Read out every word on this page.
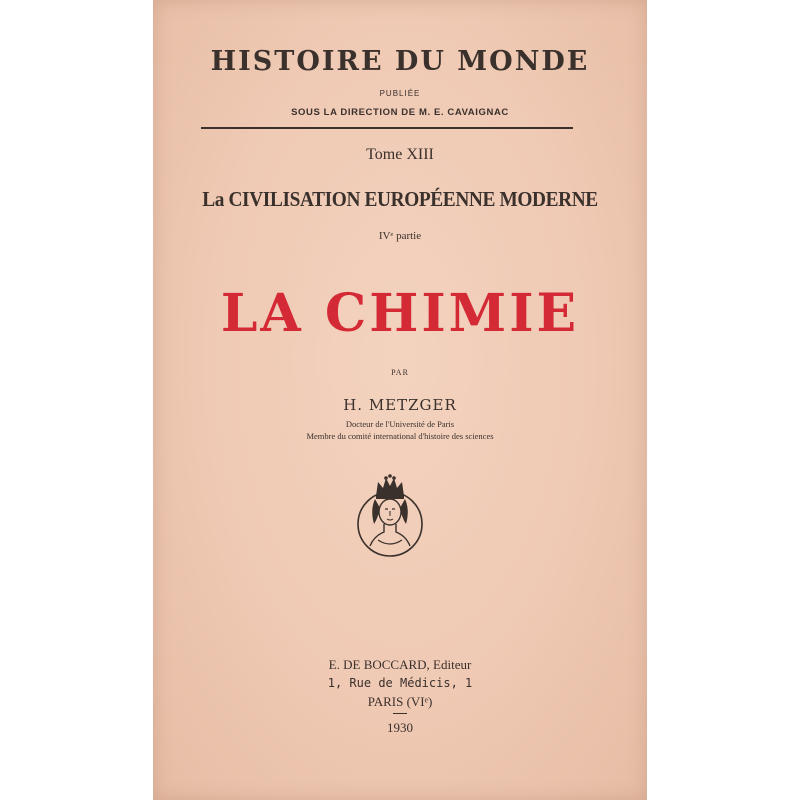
HISTOIRE DU MONDE
PUBLIÉE
SOUS LA DIRECTION DE M. E. CAVAIGNAC
Tome XIII
La CIVILISATION EUROPÉENNE MODERNE
IVᵉ partie
LA CHIMIE
PAR
H. METZGER
Docteur de l'Université de Paris
Membre du comité international d'histoire des sciences
E. DE BOCCARD, Editeur
1, Rue de Médicis, 1
PARIS (VIᵉ)
1930
